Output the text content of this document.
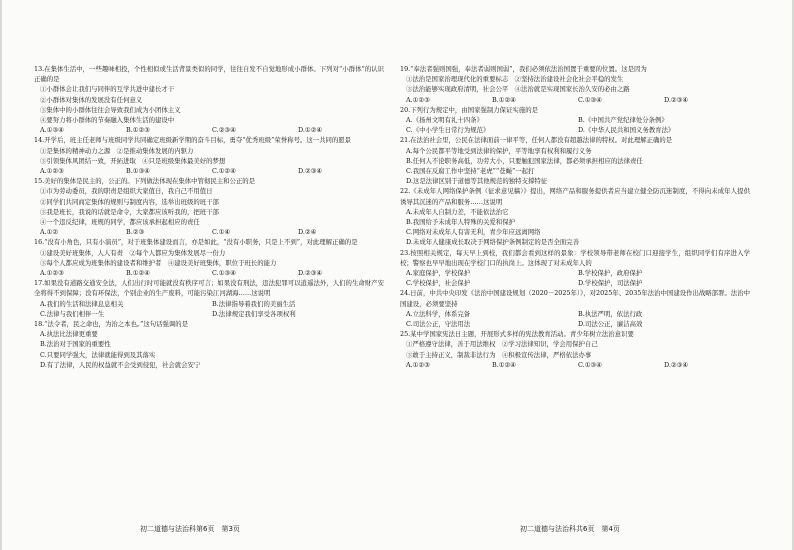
13.在集体生活中，一些趣味相投，个性相似或生活背景类似的同学，往往自发不自觉地形成小群体。下列对“小群体”的认识正确的是
①小群体会让我们与同伴的互学共进中建长才干
②小群体对集体的发展没有任何意义
③集体中的小群体往往会导致我们成为小团体主义
④要努力将小群体的节奏融入集体生活的建设中
A.①③④	B.①②③	C.②③④	D.①②④
14.开学后，班主任老师与班级同学共同确定班级新学期的奋斗目标，勇夺“优秀班级”荣誉称号。这一共同的愿景
①是集体的精神动力之源　②是推动集体发展的内驱力
③引领集体风团结一致，开拓进取　④只是班级集体最美好的梦想
A.①②③	B.①③④	C.①②④	D.②③④
15.美好的集体是民主的，公正的。下列做法体现在集体中管彻民主和公正的是
①市为劳动委员，我的职责是组织大家值日，我自己不用值日
②同学们共同商定集体的规则与制度内容，选举出班级的班干部
③我是班长，我说的话就是命令，大家都应该听我的，把班干部
④一个违反纪律，班规的同学，都应该承担起相应的责任
A.①②	B.②③	C.①④	D.②④
16.“没有小角色，只有小演员”，对于班集体建设而言，亦是如此，“没有小职务，只是上不到”，对此理解正确的是
①建设美好班集体，人人有责　②每个人都应为集体发展尽一份力
③每个人都应成为班集体的建设者和维护者　④建设美好班集体，职位于班长的能力
A.①②③	B.①②④	C.①③④	D.②③④
17.如果没有道路交通安全法，人们出行时可能就没有秩序可言；如果没有刑法，违法犯罪可以逍遥法外，人们的生命财产安全将得不到保障；没有环保法，个别企业的生产废料，可能污染江河湖海……这说明
A.我们的生活和法律息息相关	B.法律指导着我们的美丽生活
C.法律与我们相伴一生	D.法律规定我们享受各项权利
18.“法令者，民之命也，为治之本也。”这句话强调的是
A.执法比法律更重要
B.法治对于国家的重要性
C.只要同学强大，法律就能得到及其落实
D.有了法律，人民的权益就不会受到侵犯，社会就会安宁
19.“奉法者强则国强，奉法者弱则国弱”，我们必须依法治国置于重要的位置。这是因为
①法治是国家治理现代化的重要标志　②坚持法治建设社会化社会平稳的发生
③法治能够实现政府清明，社会公平　④法治就是实现国家长治久安的必由之路
A.①②③	B.①②④	C.①③④	D.②③④
20.下列行为规定中，由国家强制力保证实施的是
A.《扬州文明有礼十四条》	B.《中国共产党纪律处分条例》
C.《中小学生日常行为规范》	D.《中华人民共和国义务教育法》
21.在法治社会里，公民在法律面前一律平等，任何人都没有超越法律的特权。对此理解正确的是
A.每个公民都平等地受到法律的保护，平等地享有权利和履行义务
B.任何人不论职务高低，功劳大小，只要触犯国家法律，都必须承担相应的法律责任
C.我国在反腐工作中坚持“老虎”“苍蝇”一起打
D.这是法律区别于道德等其他规范的独特支撑特征
22.《未成年人网络保护条例（征求意见稿）》提出，网络产品和服务提供者应当建立健全防沉迷制度，不得向未成年人提供诱导其沉迷的产品和服务……这说明
A.未成年人自制力差，不能依法治它
B.我国给予未成年人特殊的关爱和保护
C.网络对未成年人有害无利，青少年应远离网络
D.未成年人健康成长取决于网络保护条例制定的是否全面完善
23.按照相关规定，每天早上到校，我们都会看到这样的景象：学校领导带老师在校门口迎接学生，组织同学们有序进入学校；警察也早早地出现在学校门口的执岗上。这体现了对未成年人的
A.家庭保护，学校保护	B.学校保护，政府保护
C.学校保护，社会保护	D.学校保护，司法保护
24.日前，中共中央印发《法治中国建设规划（2020－2025年）》，对2025年、2035年法治中国建设作出战略部署。法治中国建设，必须要坚持
A.立法科学，体系完备	B.执法严明，依法行政
C.司法公正，守法用法	D.司法公正，廉洁高效
25.某中学国家宪法日主题，开展形式多样的宪法教育活动。青少年树立法治意识要
①严格遵守法律，善于用法维权　②学习法律知识，学会用保护自己
③敢于主持正义，制裁非法行为　④积极宣传法律，严格依法办事
A.①②③	B.①②④	C.①③④	D.②③④
初二道德与法治科第6页　第3页	初二道德与法治科共6页　第4页
